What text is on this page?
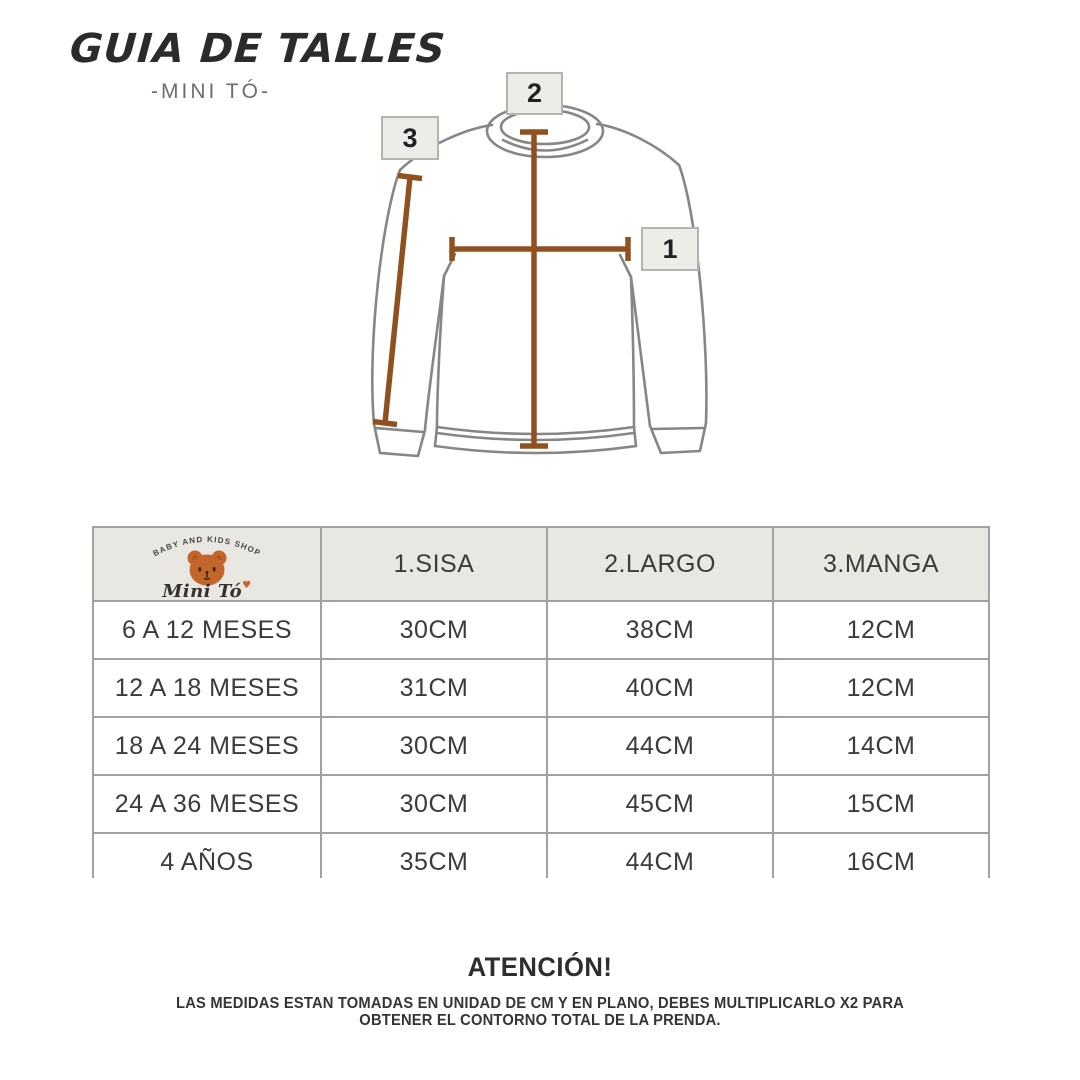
GUIA DE TALLES
-MINI TÓ-	2
3
1
BABY AND KIDS SHOP
Mini Tó♥
1.SISA	2.LARGO	3.MANGA
6 A 12 MESES	30CM	38CM	12CM
12 A 18 MESES	31CM	40CM	12CM
18 A 24 MESES	30CM	44CM	14CM
24 A 36 MESES	30CM	45CM	15CM
4 AÑOS	35CM	44CM	16CM
ATENCIÓN!
LAS MEDIDAS ESTAN TOMADAS EN UNIDAD DE CM Y EN PLANO, DEBES MULTIPLICARLO X2 PARA
OBTENER EL CONTORNO TOTAL DE LA PRENDA.
